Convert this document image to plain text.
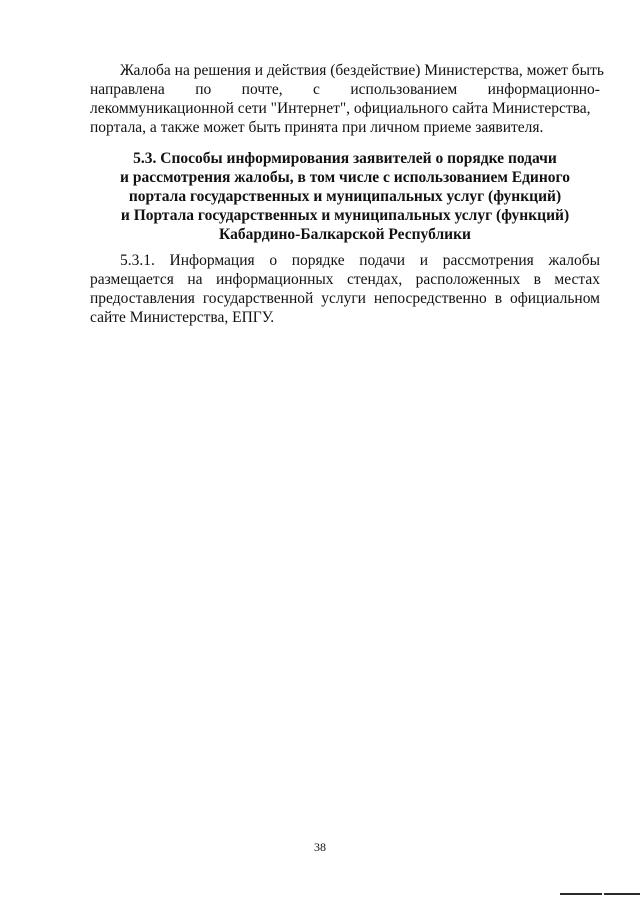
Жалоба на решения и действия (бездействие) Министерства, может быть
направлена по почте, с использованием информационно-
лекоммуникационной сети "Интернет", официального сайта Министерства,
портала, а также может быть принята при личном приеме заявителя.
5.3. Способы информирования заявителей о порядке подачи
и рассмотрения жалобы, в том числе с использованием Единого
портала государственных и муниципальных услуг (функций)
и Портала государственных и муниципальных услуг (функций)
Кабардино-Балкарской Республики
5.3.1. Информация о порядке подачи и рассмотрения жалобы
размещается на информационных стендах, расположенных в местах
предоставления государственной услуги непосредственно в официальном
сайте Министерства, ЕПГУ.
38
